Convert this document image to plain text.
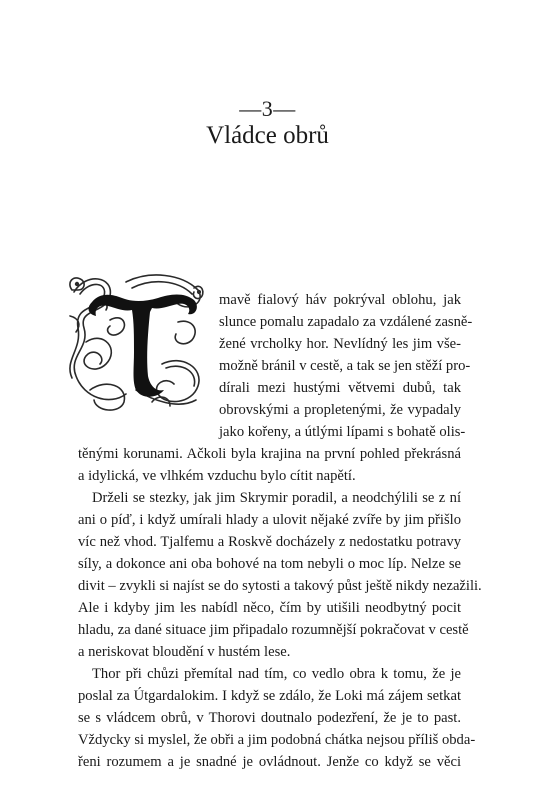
—3—
Vládce obrů
mavě fialový háv pokrýval oblohu, jak
slunce pomalu zapadalo za vzdálené zasně-
žené vrcholky hor. Nevlídný les jim vše-
možně bránil v cestě, a tak se jen stěží pro-
dírali mezi hustými větvemi dubů, tak
obrovskými a propletenými, že vypadaly
jako kořeny, a útlými lípami s bohatě olis-
těnými korunami. Ačkoli byla krajina na první pohled překrásná
a idylická, ve vlhkém vzduchu bylo cítit napětí.
Drželi se stezky, jak jim Skrymir poradil, a neodchýlili se z ní
ani o píď, i když umírali hlady a ulovit nějaké zvíře by jim přišlo
víc než vhod. Tjalfemu a Roskvě docházely z nedostatku potravy
síly, a dokonce ani oba bohové na tom nebyli o moc líp. Nelze se
divit – zvykli si najíst se do sytosti a takový půst ještě nikdy nezažili.
Ale i kdyby jim les nabídl něco, čím by utišili neodbytný pocit
hladu, za dané situace jim připadalo rozumnější pokračovat v cestě
a neriskovat bloudění v hustém lese.
Thor při chůzi přemítal nad tím, co vedlo obra k tomu, že je
poslal za Útgardalokim. I když se zdálo, že Loki má zájem setkat
se s vládcem obrů, v Thorovi doutnalo podezření, že je to past.
Vždycky si myslel, že obři a jim podobná chátka nejsou příliš obda-
řeni rozumem a je snadné je ovládnout. Jenže co když se věci
